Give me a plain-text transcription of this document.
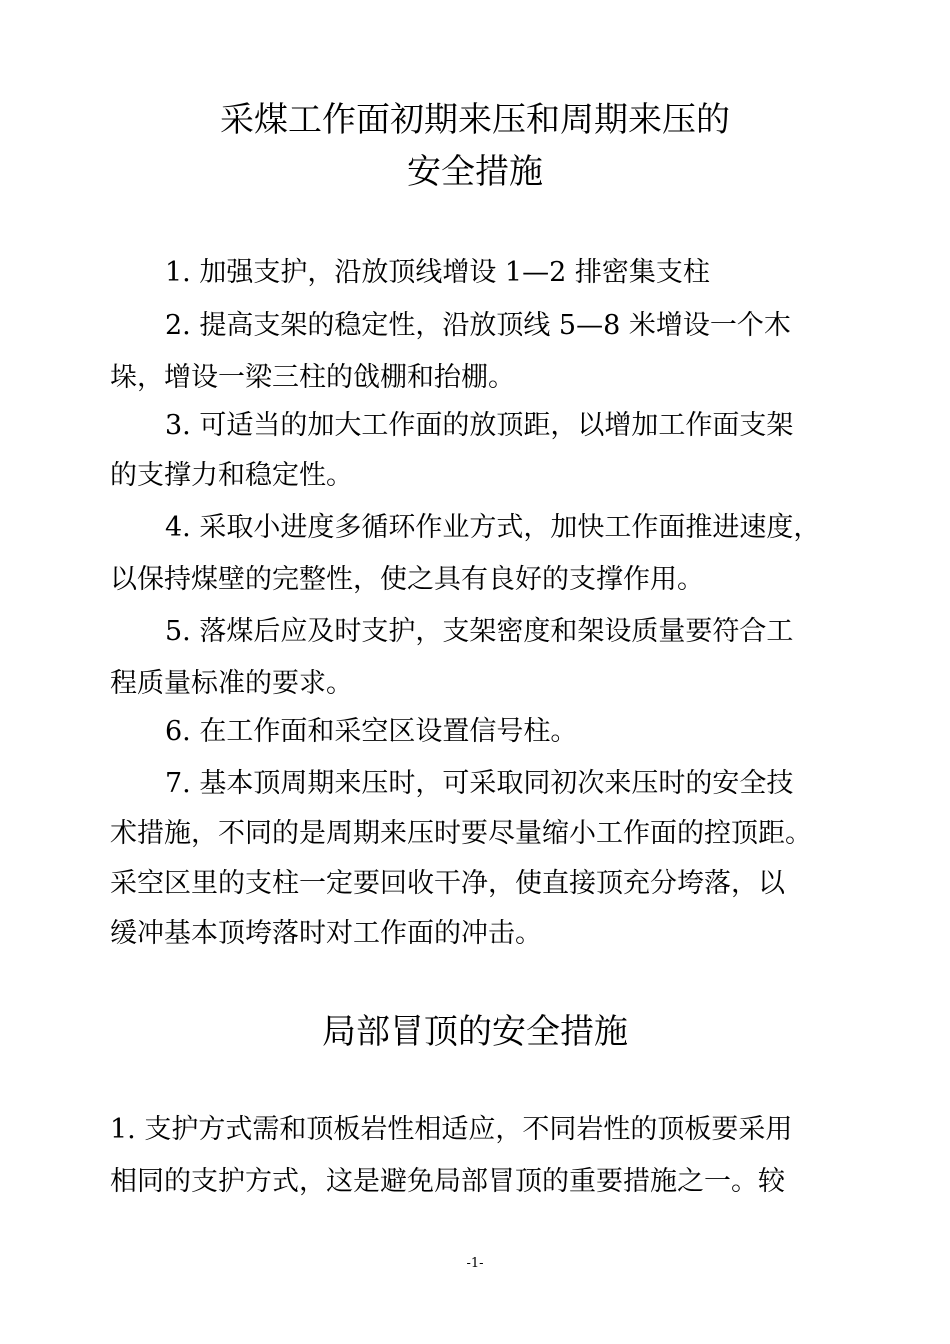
采煤工作面初期来压和周期来压的
安全措施

1. 加强支护，沿放顶线增设 1—2 排密集支柱

2. 提高支架的稳定性，沿放顶线 5—8 米增设一个木

垛，增设一梁三柱的戗棚和抬棚。

3. 可适当的加大工作面的放顶距，以增加工作面支架

的支撑力和稳定性。

4. 采取小进度多循环作业方式，加快工作面推进速度，

以保持煤壁的完整性，使之具有良好的支撑作用。

5. 落煤后应及时支护，支架密度和架设质量要符合工

程质量标准的要求。

6. 在工作面和采空区设置信号柱。

7. 基本顶周期来压时，可采取同初次来压时的安全技

术措施，不同的是周期来压时要尽量缩小工作面的控顶距。

采空区里的支柱一定要回收干净，使直接顶充分垮落，以

缓冲基本顶垮落时对工作面的冲击。

局部冒顶的安全措施

1. 支护方式需和顶板岩性相适应，不同岩性的顶板要采用

相同的支护方式，这是避免局部冒顶的重要措施之一。较

-1-
